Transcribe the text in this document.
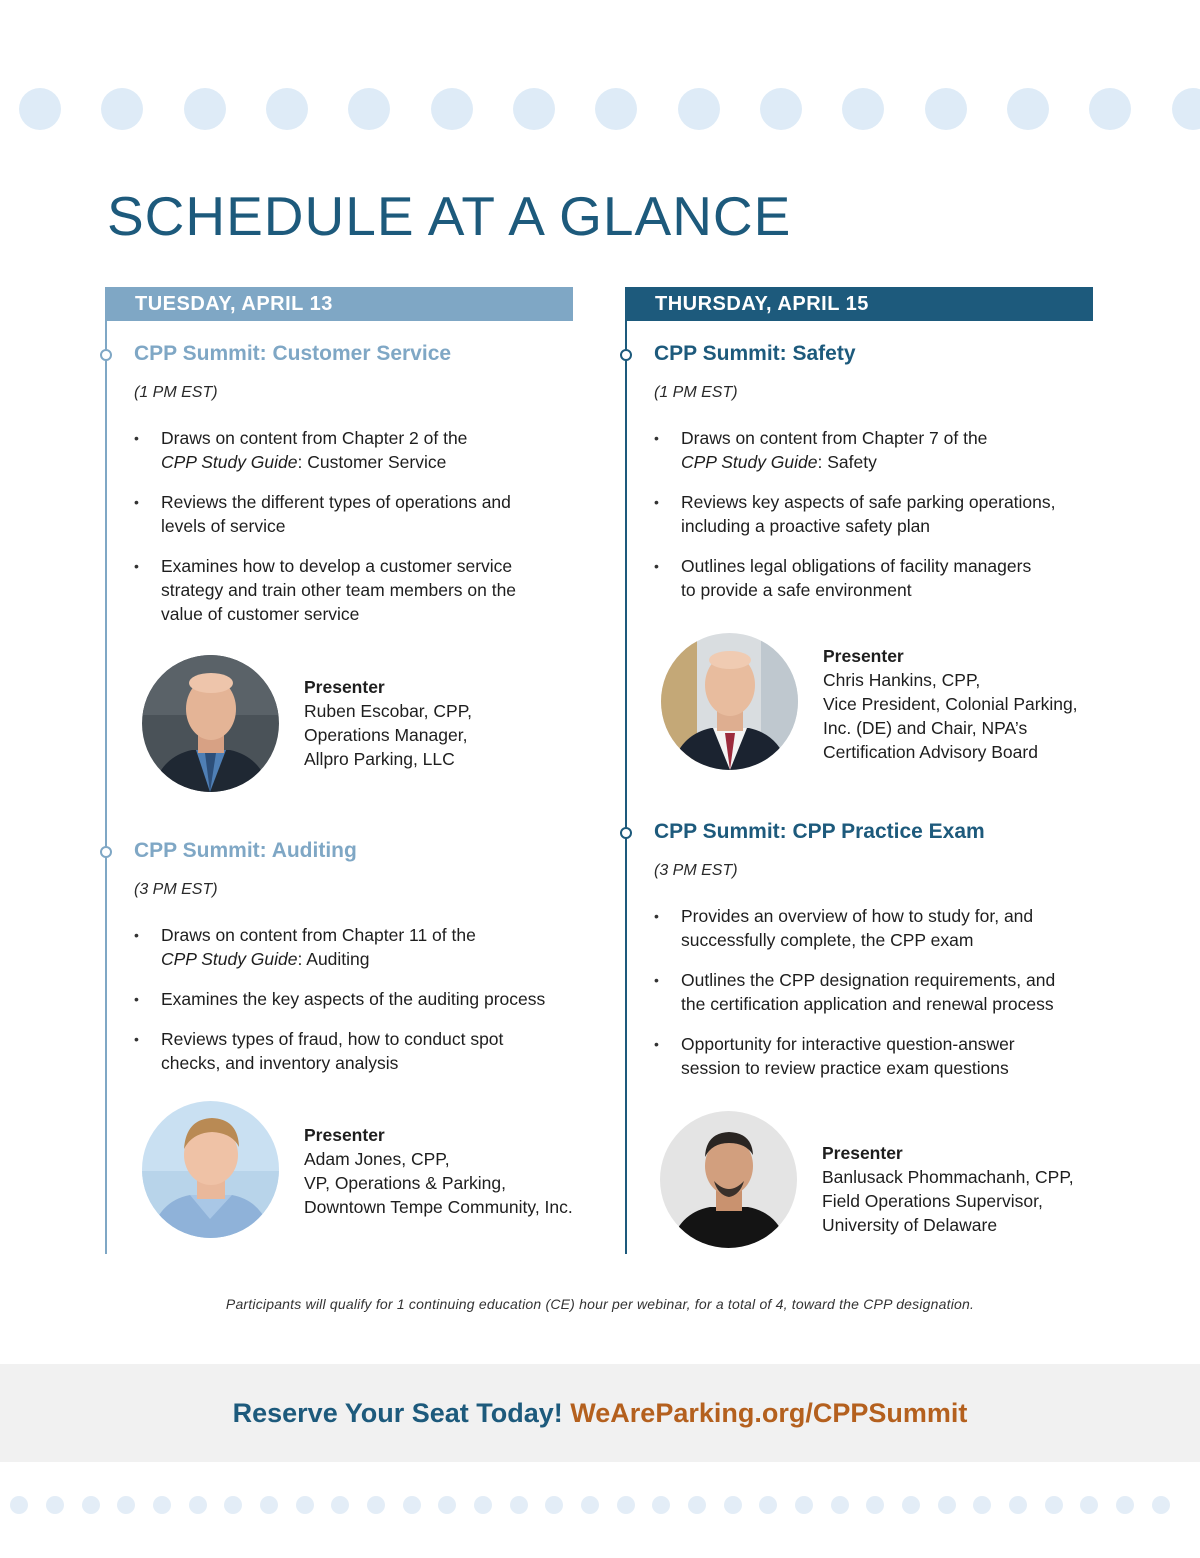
SCHEDULE AT A GLANCE
TUESDAY, APRIL 13
CPP Summit: Customer Service
(1 PM EST)
• Draws on content from Chapter 2 of the
CPP Study Guide: Customer Service
• Reviews the different types of operations and
levels of service
• Examines how to develop a customer service
strategy and train other team members on the
value of customer service
Presenter
Ruben Escobar, CPP,
Operations Manager,
Allpro Parking, LLC
CPP Summit: Auditing
(3 PM EST)
• Draws on content from Chapter 11 of the
CPP Study Guide: Auditing
• Examines the key aspects of the auditing process
• Reviews types of fraud, how to conduct spot
checks, and inventory analysis
Presenter
Adam Jones, CPP,
VP, Operations & Parking,
Downtown Tempe Community, Inc.
THURSDAY, APRIL 15
CPP Summit: Safety
(1 PM EST)
• Draws on content from Chapter 7 of the
CPP Study Guide: Safety
• Reviews key aspects of safe parking operations,
including a proactive safety plan
• Outlines legal obligations of facility managers
to provide a safe environment
Presenter
Chris Hankins, CPP,
Vice President, Colonial Parking,
Inc. (DE) and Chair, NPA’s
Certification Advisory Board
CPP Summit: CPP Practice Exam
(3 PM EST)
• Provides an overview of how to study for, and
successfully complete, the CPP exam
• Outlines the CPP designation requirements, and
the certification application and renewal process
• Opportunity for interactive question-answer
session to review practice exam questions
Presenter
Banlusack Phommachanh, CPP,
Field Operations Supervisor,
University of Delaware

Participants will qualify for 1 continuing education (CE) hour per webinar, for a total of 4, toward the CPP designation.

Reserve Your Seat Today! WeAreParking.org/CPPSummit
